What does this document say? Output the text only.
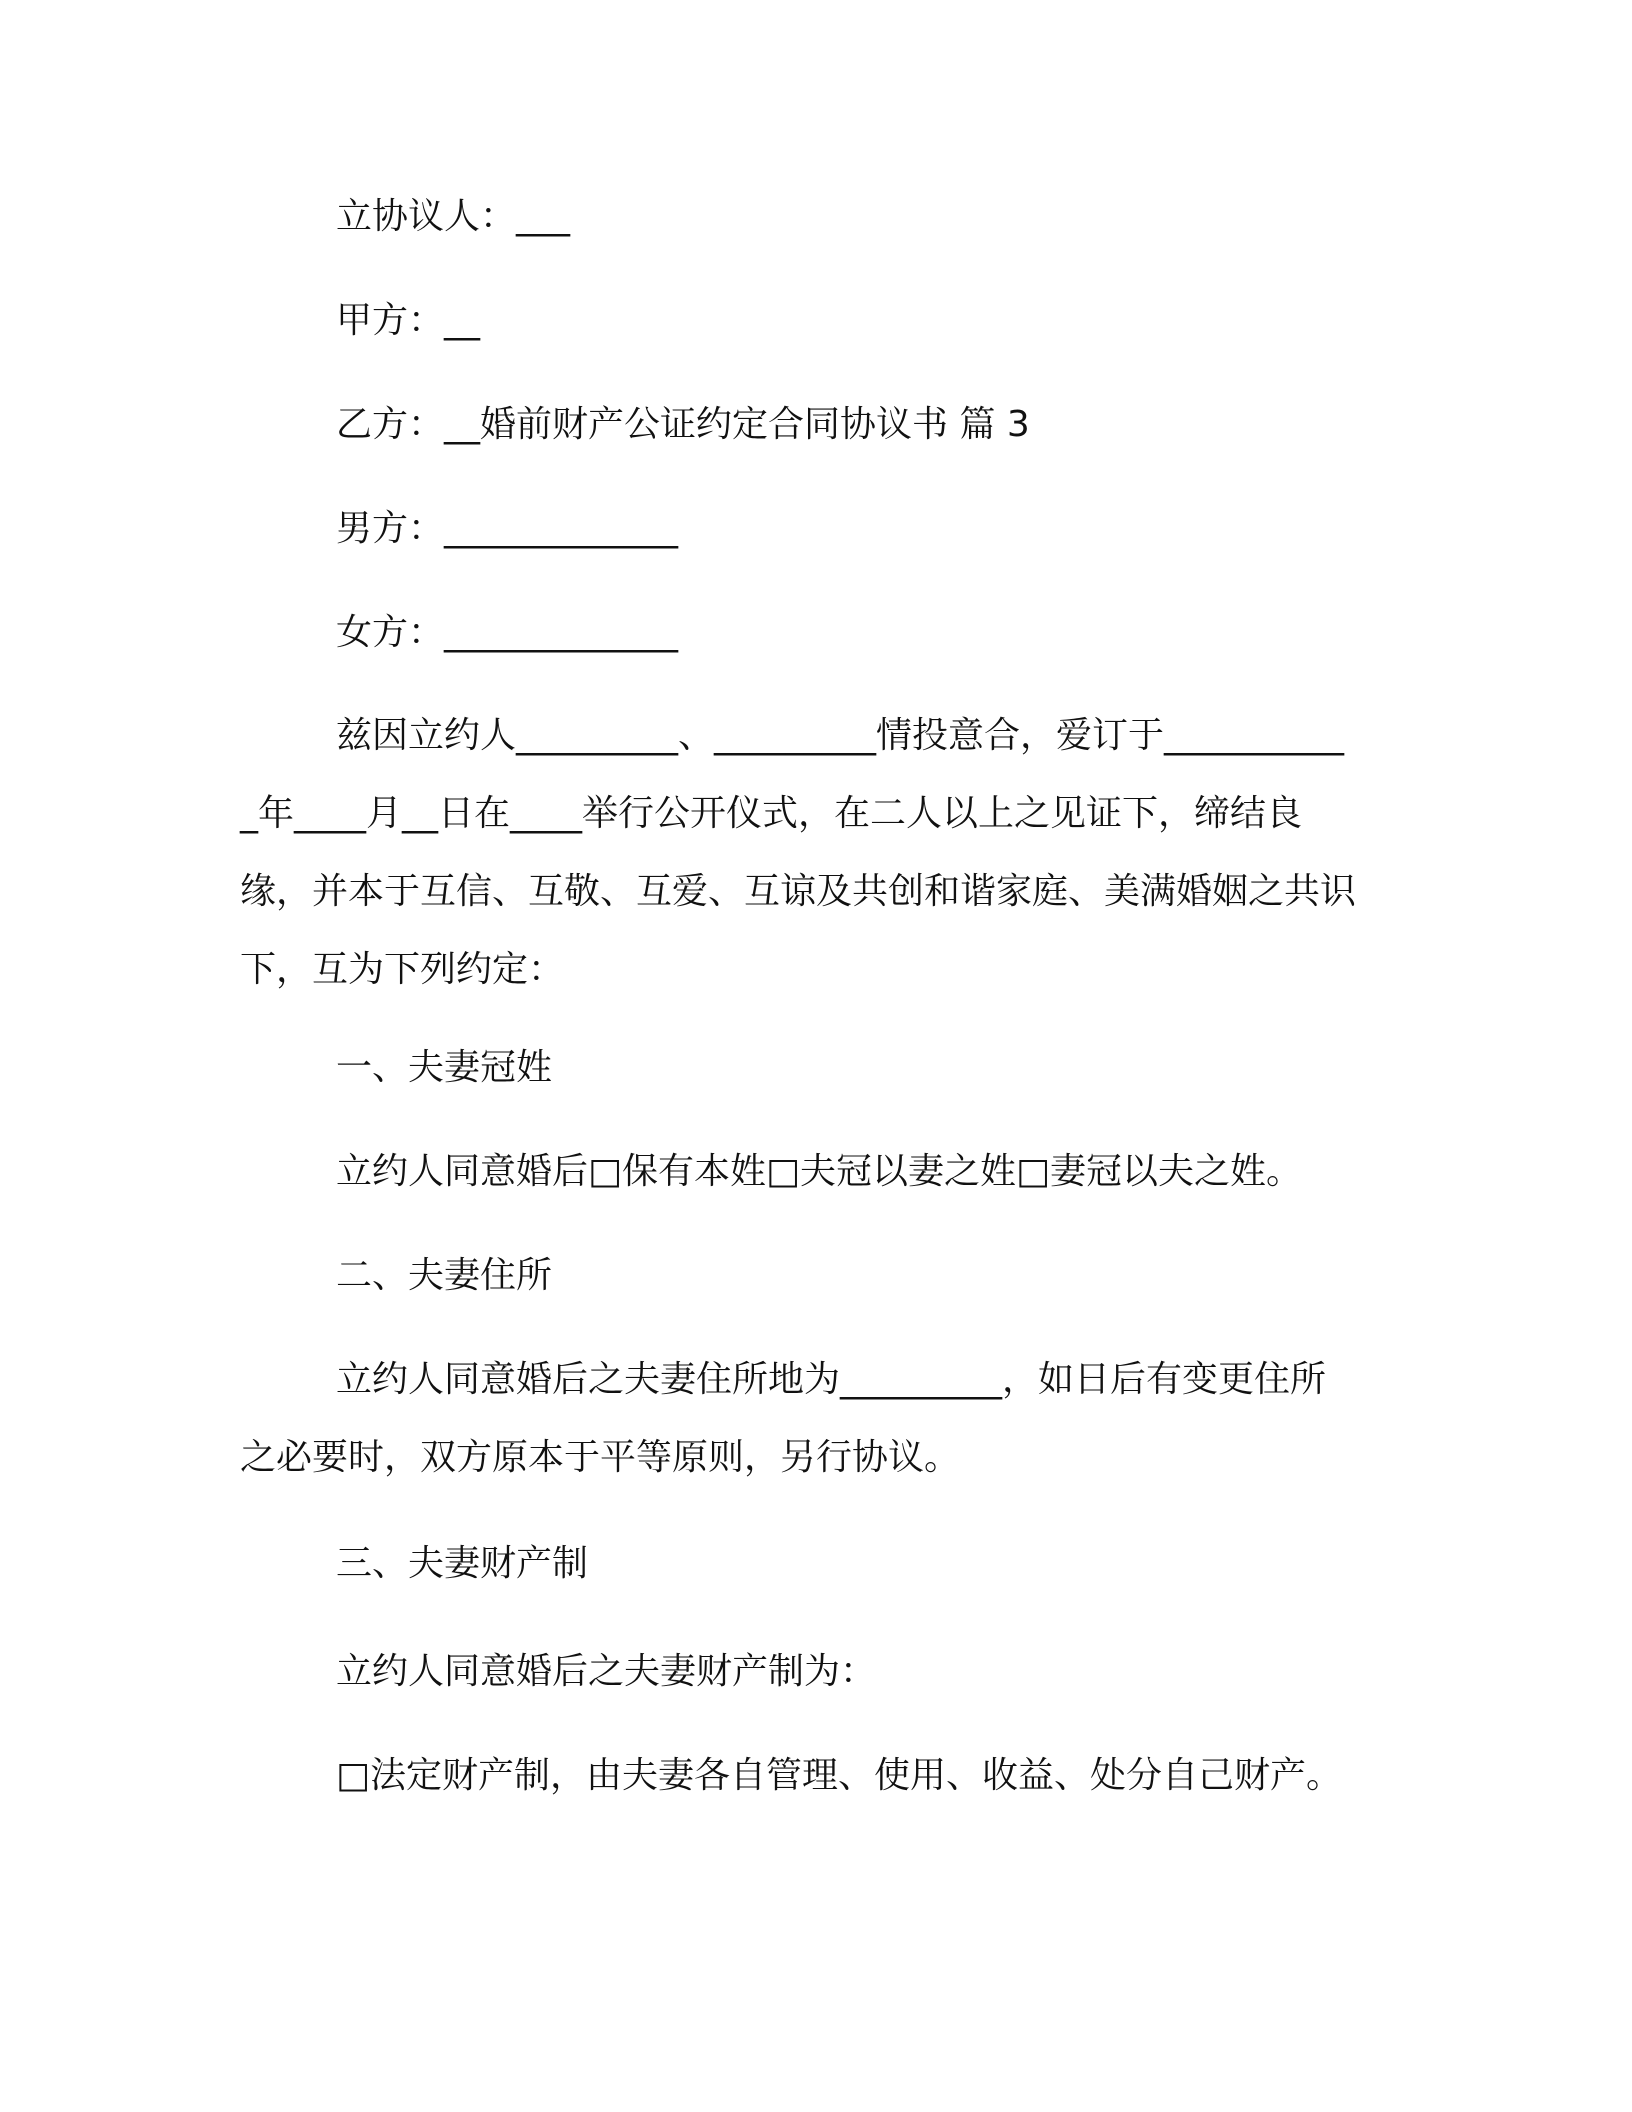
立协议人：___

甲方：__

乙方：__婚前财产公证约定合同协议书 篇 3

男方：_____________

女方：_____________

兹因立约人_________、_________情投意合，爱订于___________年____月__日在____举行公开仪式，在二人以上之见证下，缔结良缘，并本于互信、互敬、互爱、互谅及共创和谐家庭、美满婚姻之共识下，互为下列约定：

一、夫妻冠姓

立约人同意婚后□保有本姓□夫冠以妻之姓□妻冠以夫之姓。

二、夫妻住所

立约人同意婚后之夫妻住所地为_________，如日后有变更住所之必要时，双方原本于平等原则，另行协议。

三、夫妻财产制

立约人同意婚后之夫妻财产制为：

□法定财产制，由夫妻各自管理、使用、收益、处分自己财产。
